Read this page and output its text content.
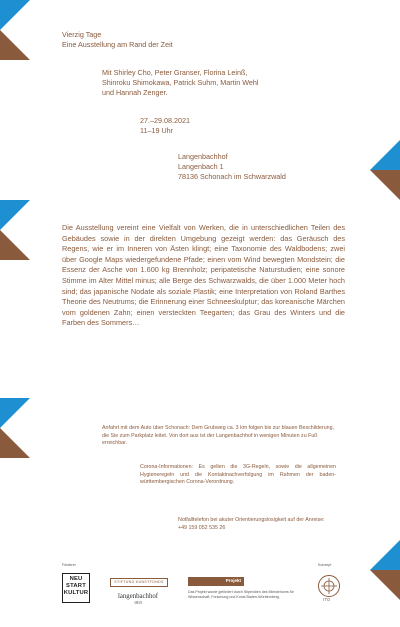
Vierzig Tage
Eine Ausstellung am Rand der Zeit
Mit Shirley Cho, Peter Granser, Florina Leinß,
Shinroku Shimokawa, Patrick Suhm, Martin Wehl
und Hannah Zenger.
27.–29.08.2021
11–19 Uhr
Langenbachhof
Langenbach 1
78136 Schonach im Schwarzwald

Die Ausstellung vereint eine Vielfalt von Werken, die in unterschiedlichen Teilen des Gebäudes sowie in der direkten Umgebung gezeigt werden: das Geräusch des Regens, wie er im Inneren von Ästen klingt; eine Taxonomie des Waldbodens; zwei über Google Maps wiedergefundene Pfade; einen vom Wind bewegten Mondstein; die Essenz der Asche von 1.600 kg Brennholz; peripatetische Naturstudien; eine sonore Stimme im Alter Mittel minus; alle Berge des Schwarzwalds, die über 1.000 Meter hoch sind; das japanische Nodate als soziale Plastik; eine Interpretation von Roland Barthes Theorie des Neutrums; die Erinnerung einer Schneeskulptur; das koreanische Märchen vom goldenen Zahn; einen versteckten Teegarten; das Grau des Winters und die Farben des Sommers…

Anfahrt mit dem Auto über Schonach: Dem Grubweg ca. 3 km folgen bis zur blauen Beschilderung, die Sie zum Parkplatz leitet. Von dort aus ist der Langenbachhof in wenigen Minuten zu Fuß erreichbar.

Corona-Informationen: Es gelten die 3G-Regeln, sowie die allgemeinen Hygieneregeln und die Kontaktnachverfolgung im Rahmen der baden-württembergischen Corona-Verordnung.

Notfalltelefon bei akuter Orientierungslosigkeit auf der Anreise: +49 159 052 535 26

Förderer	Konzept
NEU
START
KULTUR
STIFTUNG KUNSTFONDS
langenbachhof
1815
Projekt
Das Projekt wurde gefördert durch Stipendien des Ministeriums für Wissenschaft, Forschung und Kunst Baden-Württemberg.	ITO
